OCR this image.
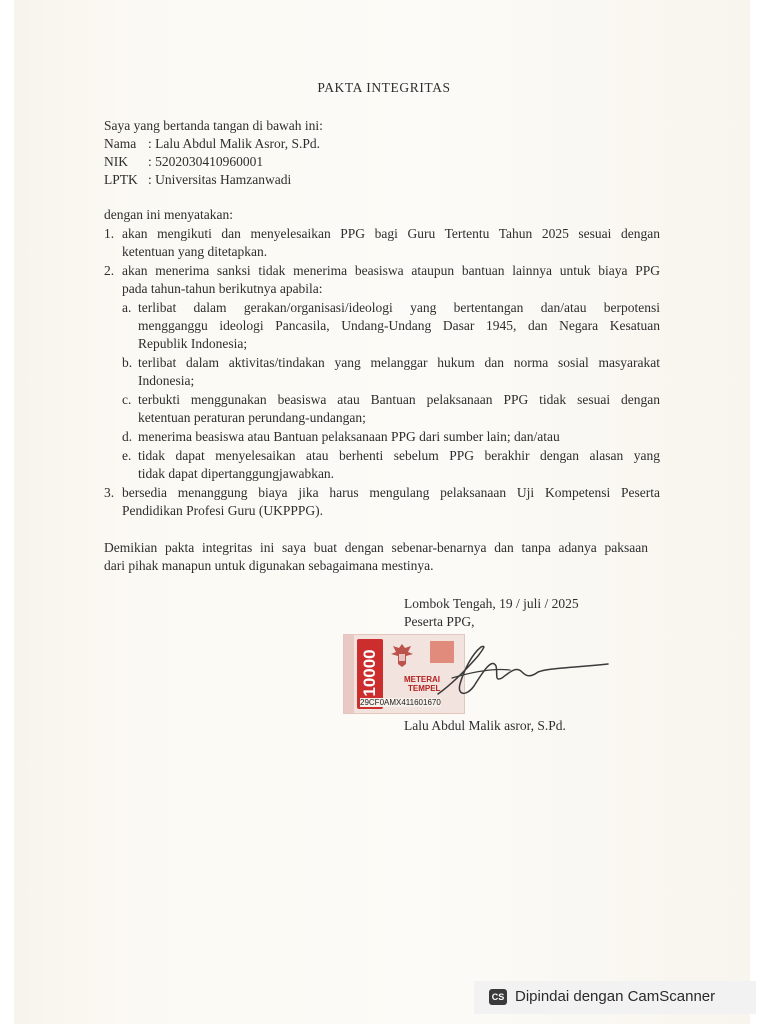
PAKTA INTEGRITAS
Saya yang bertanda tangan di bawah ini:
Nama : Lalu Abdul Malik Asror, S.Pd.
NIK : 5202030410960001
LPTK : Universitas Hamzanwadi
dengan ini menyatakan:
1. akan mengikuti dan menyelesaikan PPG bagi Guru Tertentu Tahun 2025 sesuai dengan
ketentuan yang ditetapkan.
2. akan menerima sanksi tidak menerima beasiswa ataupun bantuan lainnya untuk biaya PPG
pada tahun-tahun berikutnya apabila:
a. terlibat dalam gerakan/organisasi/ideologi yang bertentangan dan/atau berpotensi
mengganggu ideologi Pancasila, Undang-Undang Dasar 1945, dan Negara Kesatuan
Republik Indonesia;
b. terlibat dalam aktivitas/tindakan yang melanggar hukum dan norma sosial masyarakat
Indonesia;
c. terbukti menggunakan beasiswa atau Bantuan pelaksanaan PPG tidak sesuai dengan
ketentuan peraturan perundang-undangan;
d. menerima beasiswa atau Bantuan pelaksanaan PPG dari sumber lain; dan/atau
e. tidak dapat menyelesaikan atau berhenti sebelum PPG berakhir dengan alasan yang
tidak dapat dipertanggungjawabkan.
3. bersedia menanggung biaya jika harus mengulang pelaksanaan Uji Kompetensi Peserta
Pendidikan Profesi Guru (UKPPPG).
Demikian pakta integritas ini saya buat dengan sebenar-benarnya dan tanpa adanya paksaan
dari pihak manapun untuk digunakan sebagaimana mestinya.
Lombok Tengah, 19 / juli / 2025
Peserta PPG,
10000	METERAI
TEMPEL
29CF0AMX411601670
Lalu Abdul Malik asror, S.Pd.
CS Dipindai dengan CamScanner
